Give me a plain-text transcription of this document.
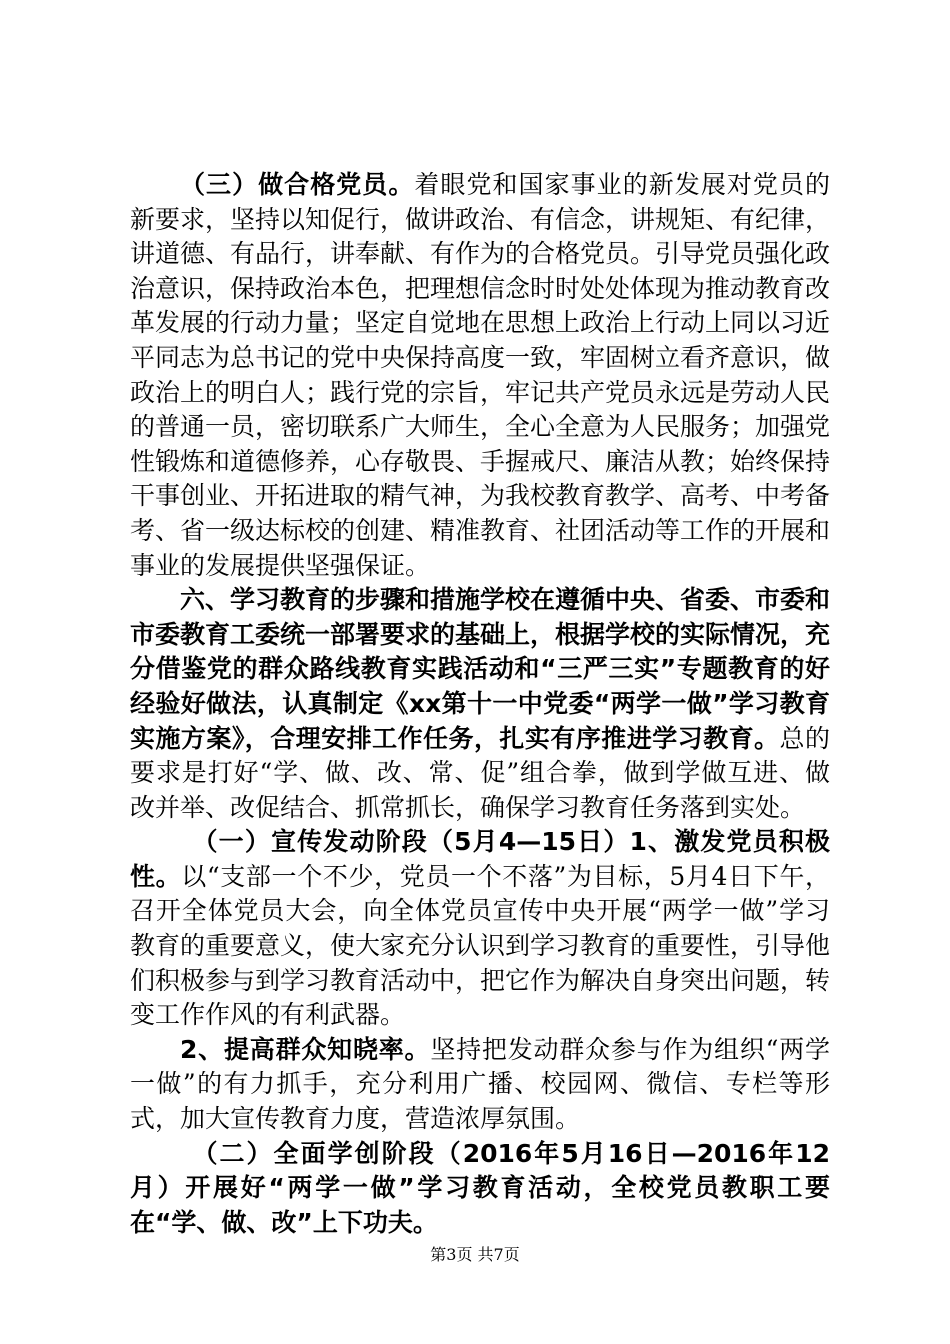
（三）做合格党员。着眼党和国家事业的新发展对党员的新要求，坚持以知促行，做讲政治、有信念，讲规矩、有纪律，讲道德、有品行，讲奉献、有作为的合格党员。引导党员强化政治意识，保持政治本色，把理想信念时时处处体现为推动教育改革发展的行动力量；坚定自觉地在思想上政治上行动上同以习近平同志为总书记的党中央保持高度一致，牢固树立看齐意识，做政治上的明白人；践行党的宗旨，牢记共产党员永远是劳动人民的普通一员，密切联系广大师生，全心全意为人民服务；加强党性锻炼和道德修养，心存敬畏、手握戒尺、廉洁从教；始终保持干事创业、开拓进取的精气神，为我校教育教学、高考、中考备考、省一级达标校的创建、精准教育、社团活动等工作的开展和事业的发展提供坚强保证。

六、学习教育的步骤和措施学校在遵循中央、省委、市委和市委教育工委统一部署要求的基础上，根据学校的实际情况，充分借鉴党的群众路线教育实践活动和“三严三实”专题教育的好经验好做法，认真制定《xx第十一中党委“两学一做”学习教育实施方案》，合理安排工作任务，扎实有序推进学习教育。总的要求是打好“学、做、改、常、促”组合拳，做到学做互进、做改并举、改促结合、抓常抓长，确保学习教育任务落到实处。

（一）宣传发动阶段（5月4—15日）1、激发党员积极性。以“支部一个不少，党员一个不落”为目标，5月4日下午，召开全体党员大会，向全体党员宣传中央开展“两学一做”学习教育的重要意义，使大家充分认识到学习教育的重要性，引导他们积极参与到学习教育活动中，把它作为解决自身突出问题，转变工作作风的有利武器。

2、提高群众知晓率。坚持把发动群众参与作为组织“两学一做”的有力抓手，充分利用广播、校园网、微信、专栏等形式，加大宣传教育力度，营造浓厚氛围。

（二）全面学创阶段（2016年5月16日—2016年12月）开展好“两学一做”学习教育活动，全校党员教职工要在“学、做、改”上下功夫。

第3页 共7页
